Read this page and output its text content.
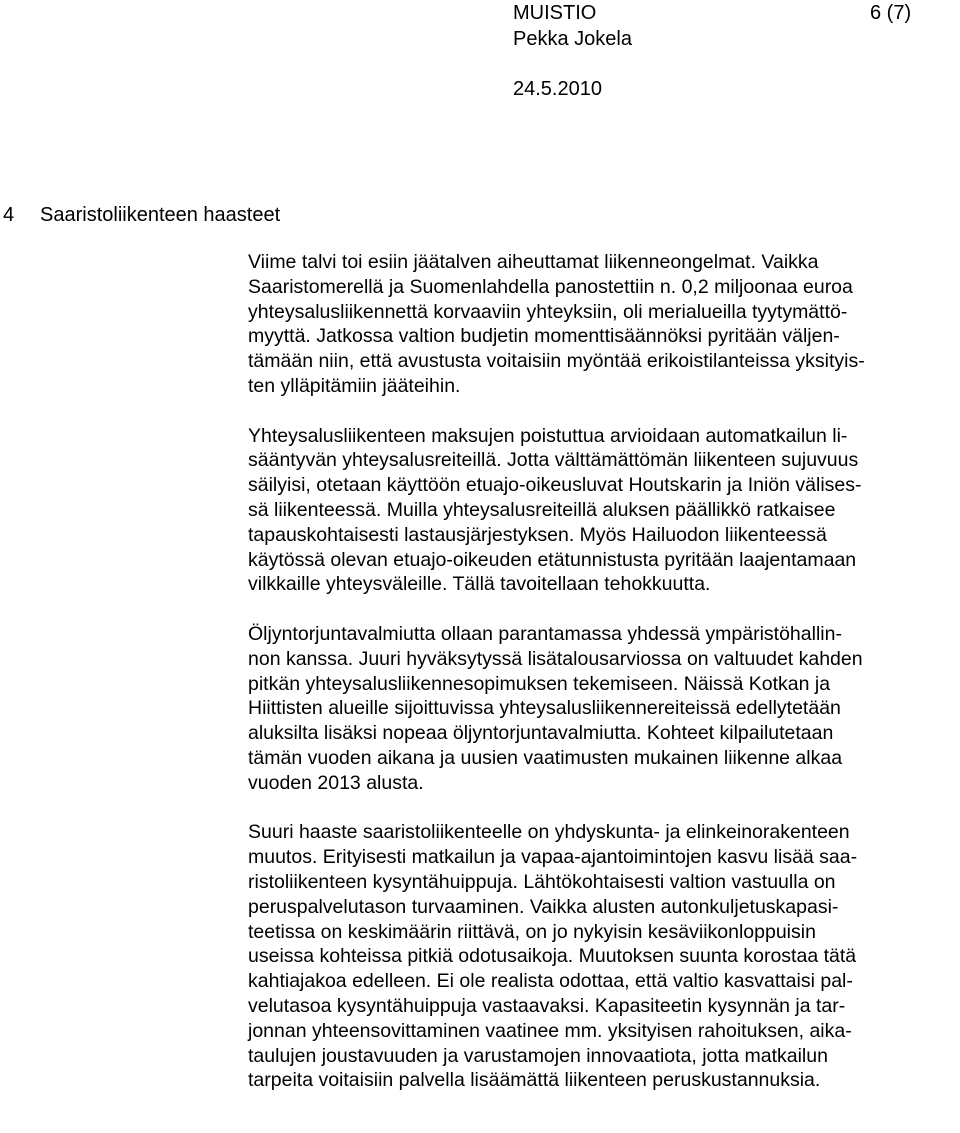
MUISTIO	6 (7)
Pekka Jokela
24.5.2010
4 Saaristoliikenteen haasteet

Viime talvi toi esiin jäätalven aiheuttamat liikenneongelmat. Vaikka
Saaristomerellä ja Suomenlahdella panostettiin n. 0,2 miljoonaa euroa
yhteysalusliikennettä korvaaviin yhteyksiin, oli merialueilla tyytymättö-
myyttä. Jatkossa valtion budjetin momenttisäännöksi pyritään väljen-
tämään niin, että avustusta voitaisiin myöntää erikoistilanteissa yksityis-
ten ylläpitämiin jääteihin.

Yhteysalusliikenteen maksujen poistuttua arvioidaan automatkailun li-
sääntyvän yhteysalusreiteillä. Jotta välttämättömän liikenteen sujuvuus
säilyisi, otetaan käyttöön etuajo-oikeusluvat Houtskarin ja Iniön välises-
sä liikenteessä. Muilla yhteysalusreiteillä aluksen päällikkö ratkaisee
tapauskohtaisesti lastausjärjestyksen. Myös Hailuodon liikenteessä
käytössä olevan etuajo-oikeuden etätunnistusta pyritään laajentamaan
vilkkaille yhteysväleille. Tällä tavoitellaan tehokkuutta.

Öljyntorjuntavalmiutta ollaan parantamassa yhdessä ympäristöhallin-
non kanssa. Juuri hyväksytyssä lisätalousarviossa on valtuudet kahden
pitkän yhteysalusliikennesopimuksen tekemiseen. Näissä Kotkan ja
Hiittisten alueille sijoittuvissa yhteysalusliikennereiteissä edellytetään
aluksilta lisäksi nopeaa öljyntorjuntavalmiutta. Kohteet kilpailutetaan
tämän vuoden aikana ja uusien vaatimusten mukainen liikenne alkaa
vuoden 2013 alusta.

Suuri haaste saaristoliikenteelle on yhdyskunta- ja elinkeinorakenteen
muutos. Erityisesti matkailun ja vapaa-ajantoimintojen kasvu lisää saa-
ristoliikenteen kysyntähuippuja. Lähtökohtaisesti valtion vastuulla on
peruspalvelutason turvaaminen. Vaikka alusten autonkuljetuskapasi-
teetissa on keskimäärin riittävä, on jo nykyisin kesäviikonloppuisin
useissa kohteissa pitkiä odotusaikoja. Muutoksen suunta korostaa tätä
kahtiajakoa edelleen. Ei ole realista odottaa, että valtio kasvattaisi pal-
velutasoa kysyntähuippuja vastaavaksi. Kapasiteetin kysynnän ja tar-
jonnan yhteensovittaminen vaatinee mm. yksityisen rahoituksen, aika-
taulujen joustavuuden ja varustamojen innovaatiota, jotta matkailun
tarpeita voitaisiin palvella lisäämättä liikenteen peruskustannuksia.
